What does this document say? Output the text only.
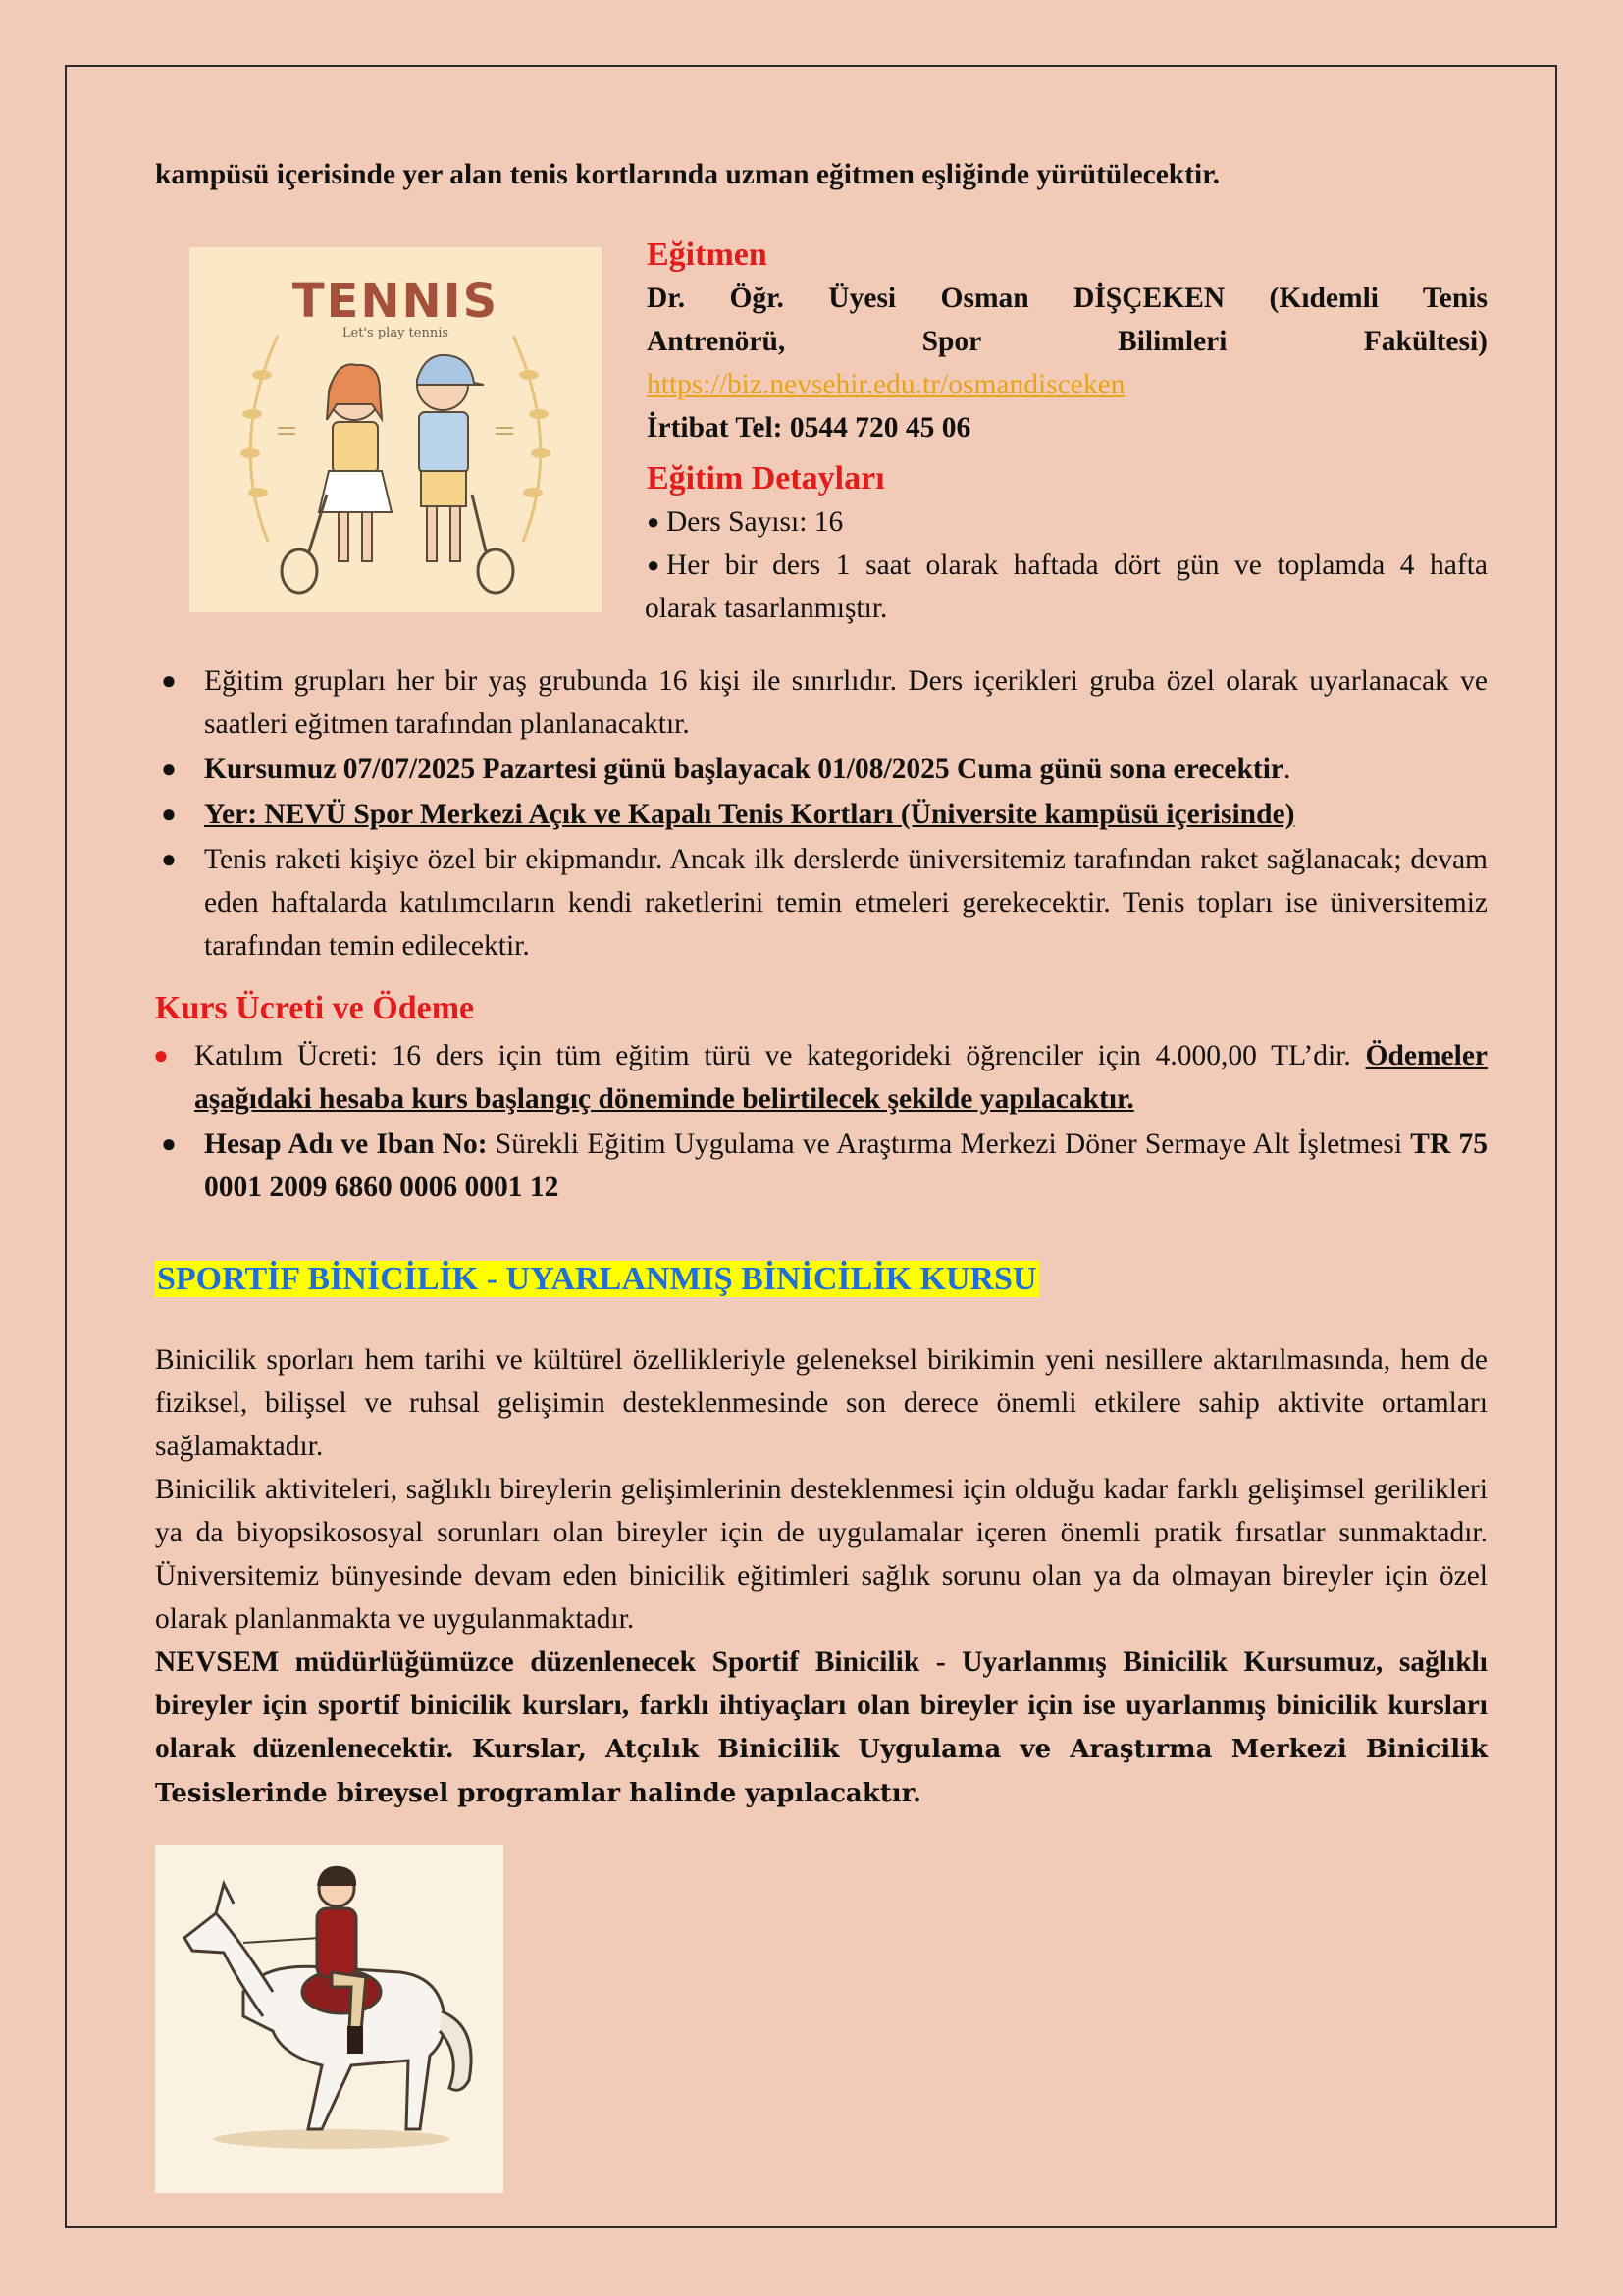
kampüsü içerisinde yer alan tenis kortlarında uzman eğitmen eşliğinde yürütülecektir.
TENNIS
Let's play tennis
Eğitmen
Dr. Öğr. Üyesi Osman DİŞÇEKEN (Kıdemli Tenis
Antrenörü, Spor Bilimleri Fakültesi)
https://biz.nevsehir.edu.tr/osmandisceken
İrtibat Tel: 0544 720 45 06
Eğitim Detayları
● Ders Sayısı: 16
● Her bir ders 1 saat olarak haftada dört gün ve toplamda 4 hafta
olarak tasarlanmıştır.
● Eğitim grupları her bir yaş grubunda 16 kişi ile sınırlıdır. Ders içerikleri gruba özel olarak uyarlanacak ve saatleri eğitmen tarafından planlanacaktır.
● Kursumuz 07/07/2025 Pazartesi günü başlayacak 01/08/2025 Cuma günü sona erecektir.
● Yer: NEVÜ Spor Merkezi Açık ve Kapalı Tenis Kortları (Üniversite kampüsü içerisinde)
● Tenis raketi kişiye özel bir ekipmandır. Ancak ilk derslerde üniversitemiz tarafından raket sağlanacak; devam eden haftalarda katılımcıların kendi raketlerini temin etmeleri gerekecektir. Tenis topları ise üniversitemiz tarafından temin edilecektir.
Kurs Ücreti ve Ödeme
● Katılım Ücreti: 16 ders için tüm eğitim türü ve kategorideki öğrenciler için 4.000,00 TL’dir. Ödemeler aşağıdaki hesaba kurs başlangıç döneminde belirtilecek şekilde yapılacaktır.
● Hesap Adı ve Iban No: Sürekli Eğitim Uygulama ve Araştırma Merkezi Döner Sermaye Alt İşletmesi TR 75 0001 2009 6860 0006 0001 12
SPORTİF BİNİCİLİK - UYARLANMIŞ BİNİCİLİK KURSU
Binicilik sporları hem tarihi ve kültürel özellikleriyle geleneksel birikimin yeni nesillere aktarılmasında, hem de fiziksel, bilişsel ve ruhsal gelişimin desteklenmesinde son derece önemli etkilere sahip aktivite ortamları sağlamaktadır.
Binicilik aktiviteleri, sağlıklı bireylerin gelişimlerinin desteklenmesi için olduğu kadar farklı gelişimsel gerilikleri ya da biyopsikososyal sorunları olan bireyler için de uygulamalar içeren önemli pratik fırsatlar sunmaktadır. Üniversitemiz bünyesinde devam eden binicilik eğitimleri sağlık sorunu olan ya da olmayan bireyler için özel olarak planlanmakta ve uygulanmaktadır.
NEVSEM müdürlüğümüzce düzenlenecek Sportif Binicilik - Uyarlanmış Binicilik Kursumuz, sağlıklı bireyler için sportif binicilik kursları, farklı ihtiyaçları olan bireyler için ise uyarlanmış binicilik kursları olarak düzenlenecektir. Kurslar, Atçılık Binicilik Uygulama ve Araştırma Merkezi Binicilik Tesislerinde bireysel programlar halinde yapılacaktır.
